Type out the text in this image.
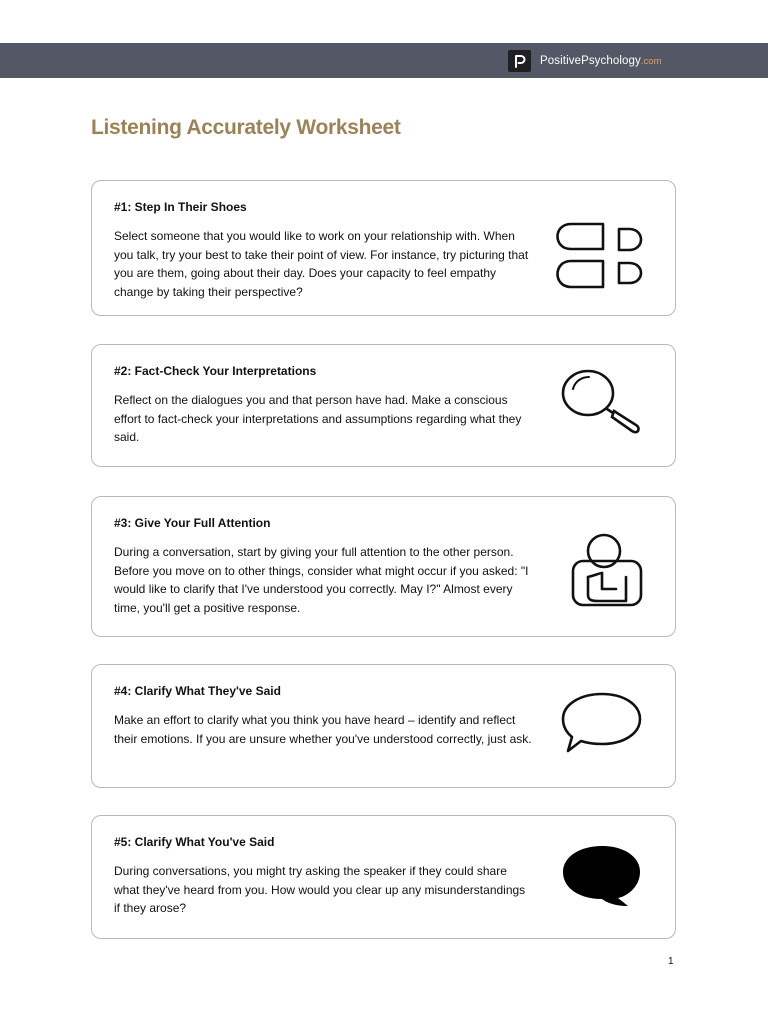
PositivePsychology .com
Listening Accurately Worksheet
#1: Step In Their Shoes
Select someone that you would like to work on your relationship with. When you talk, try your best to take their point of view. For instance, try picturing that you are them, going about their day. Does your capacity to feel empathy change by taking their perspective?
#2: Fact-Check Your Interpretations
Reflect on the dialogues you and that person have had. Make a conscious effort to fact-check your interpretations and assumptions regarding what they said.
#3: Give Your Full Attention
During a conversation, start by giving your full attention to the other person. Before you move on to other things, consider what might occur if you asked: "I would like to clarify that I've understood you correctly. May I?" Almost every time, you'll get a positive response.
#4: Clarify What They've Said
Make an effort to clarify what you think you have heard – identify and reflect their emotions. If you are unsure whether you've understood correctly, just ask.
#5: Clarify What You've Said
During conversations, you might try asking the speaker if they could share what they've heard from you. How would you clear up any misunderstandings if they arose?
1
